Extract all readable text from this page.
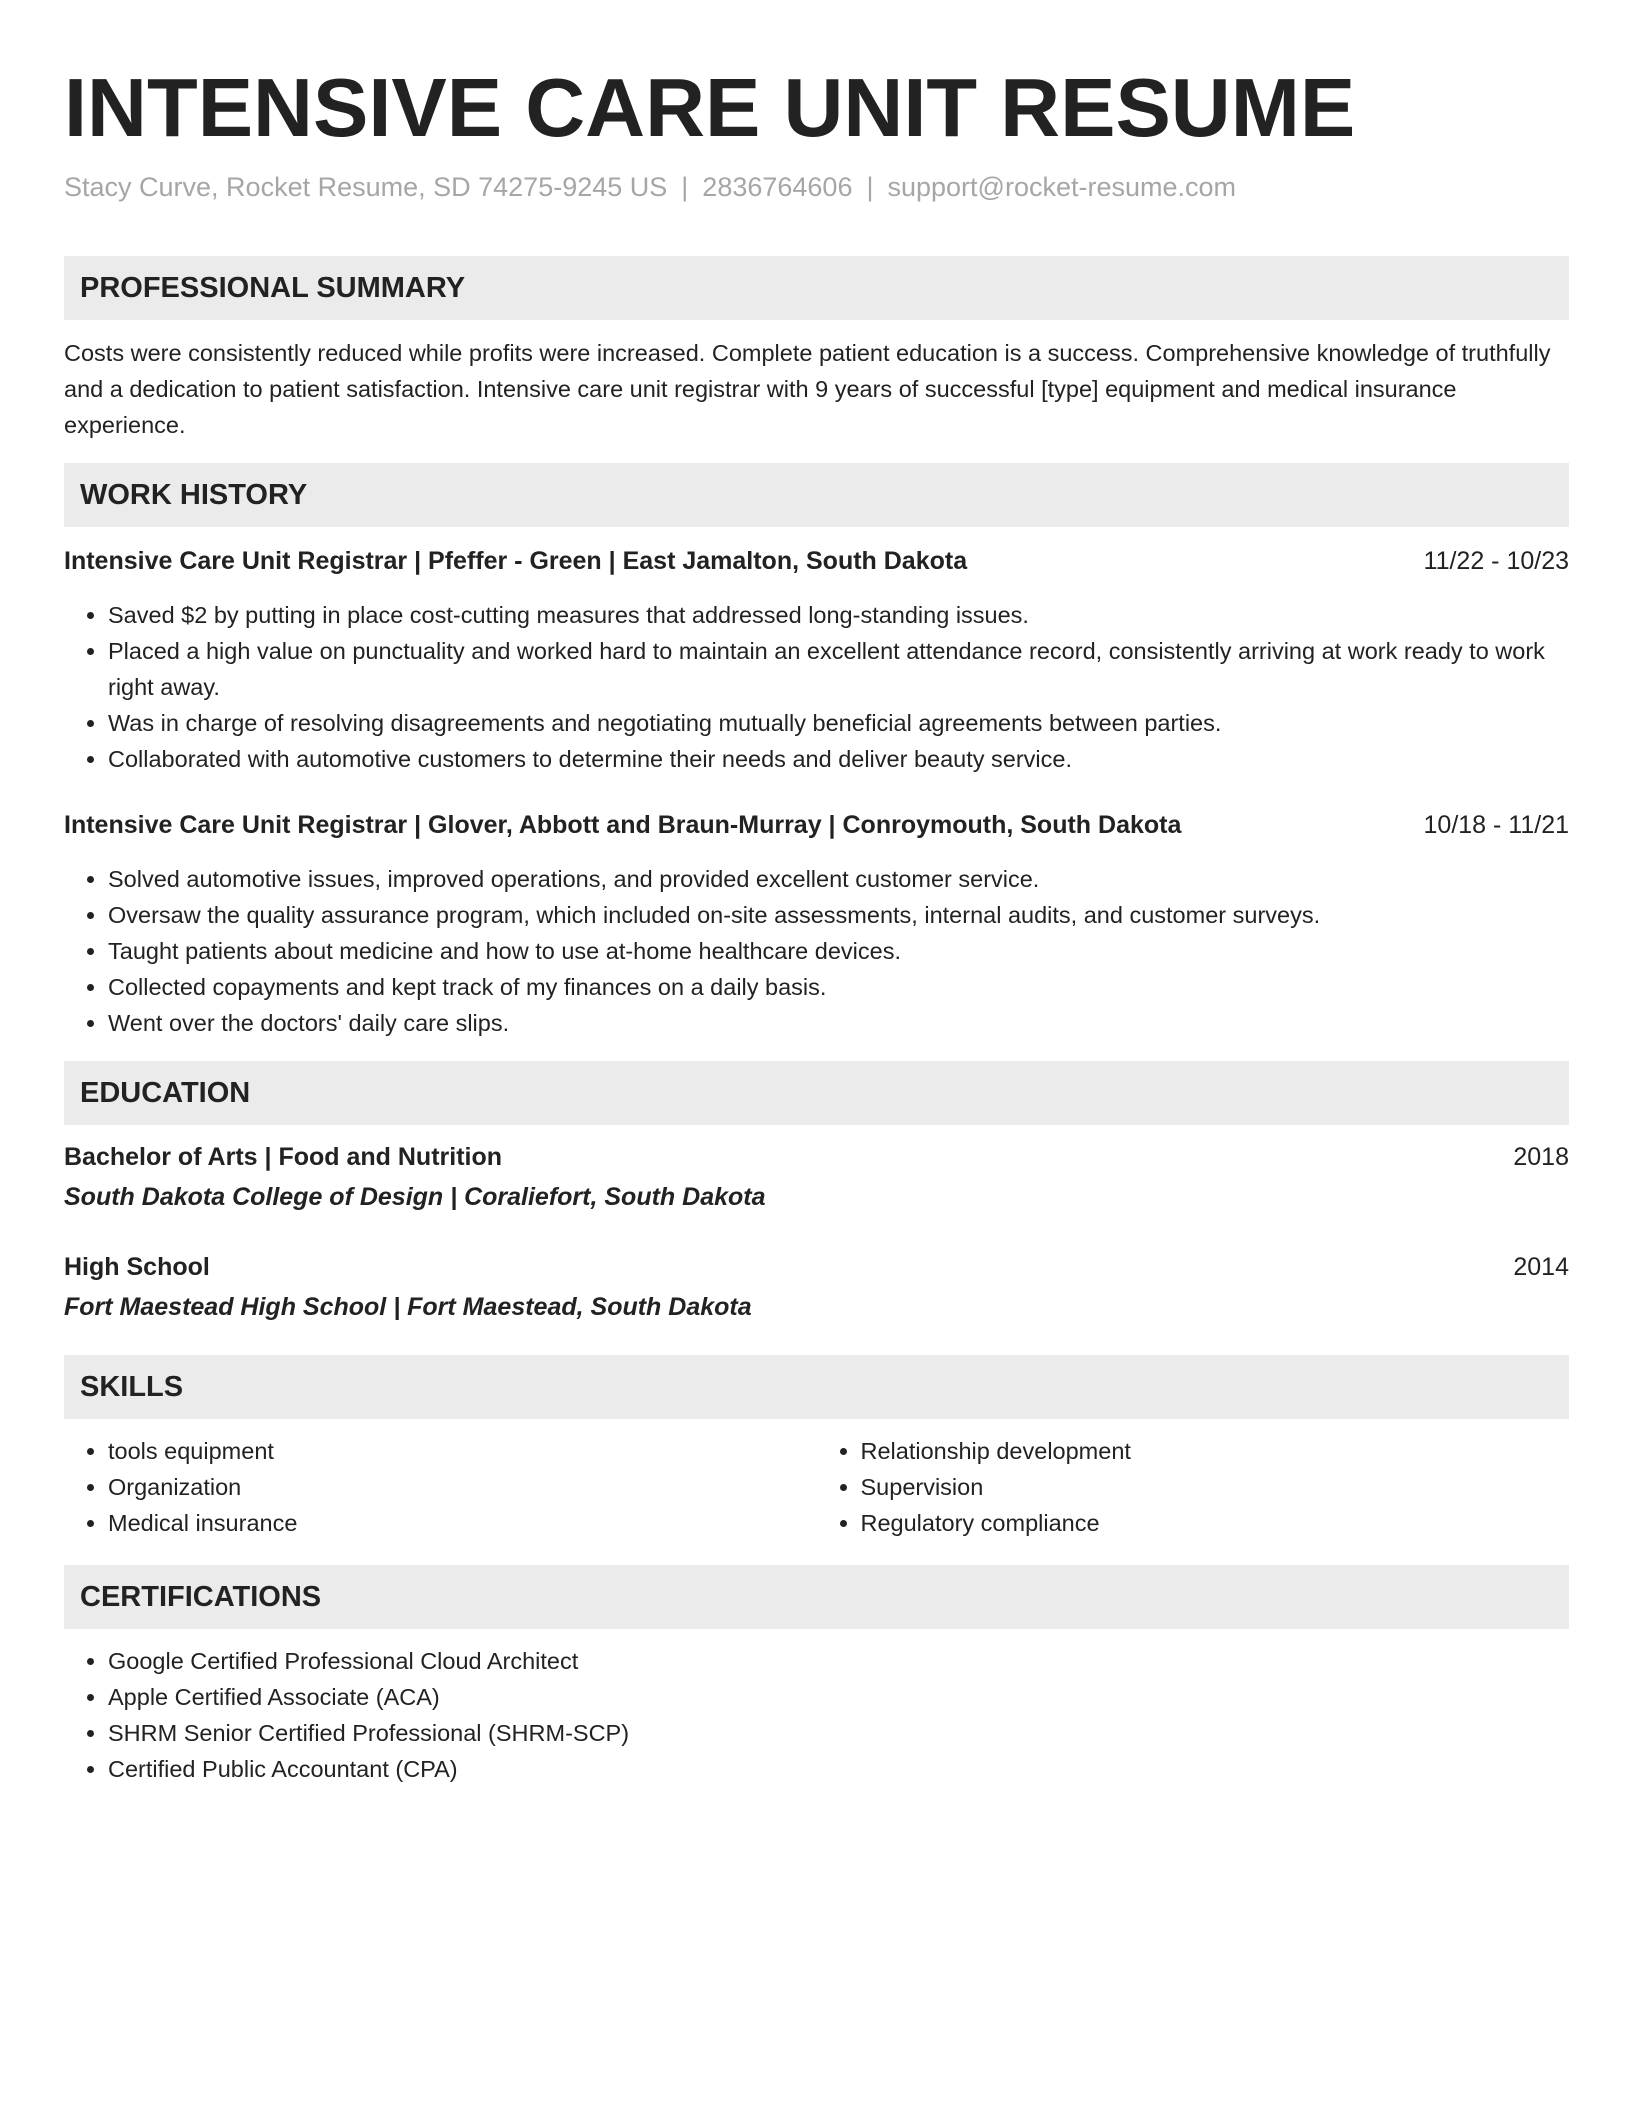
INTENSIVE CARE UNIT RESUME
Stacy Curve, Rocket Resume, SD 74275-9245 US | 2836764606 | support@rocket-resume.com
PROFESSIONAL SUMMARY
Costs were consistently reduced while profits were increased. Complete patient education is a success. Comprehensive knowledge of truthfully and a dedication to patient satisfaction. Intensive care unit registrar with 9 years of successful [type] equipment and medical insurance experience.
WORK HISTORY
Intensive Care Unit Registrar | Pfeffer - Green | East Jamalton, South Dakota	11/22 - 10/23
• Saved $2 by putting in place cost-cutting measures that addressed long-standing issues.
• Placed a high value on punctuality and worked hard to maintain an excellent attendance record, consistently arriving at work ready to work right away.
• Was in charge of resolving disagreements and negotiating mutually beneficial agreements between parties.
• Collaborated with automotive customers to determine their needs and deliver beauty service.
Intensive Care Unit Registrar | Glover, Abbott and Braun-Murray | Conroymouth, South Dakota	10/18 - 11/21
• Solved automotive issues, improved operations, and provided excellent customer service.
• Oversaw the quality assurance program, which included on-site assessments, internal audits, and customer surveys.
• Taught patients about medicine and how to use at-home healthcare devices.
• Collected copayments and kept track of my finances on a daily basis.
• Went over the doctors' daily care slips.
EDUCATION
Bachelor of Arts | Food and Nutrition	2018
South Dakota College of Design | Coraliefort, South Dakota
High School	2014
Fort Maestead High School | Fort Maestead, South Dakota
SKILLS
• tools equipment
• Organization
• Medical insurance
• Relationship development
• Supervision
• Regulatory compliance
CERTIFICATIONS
• Google Certified Professional Cloud Architect
• Apple Certified Associate (ACA)
• SHRM Senior Certified Professional (SHRM-SCP)
• Certified Public Accountant (CPA)
